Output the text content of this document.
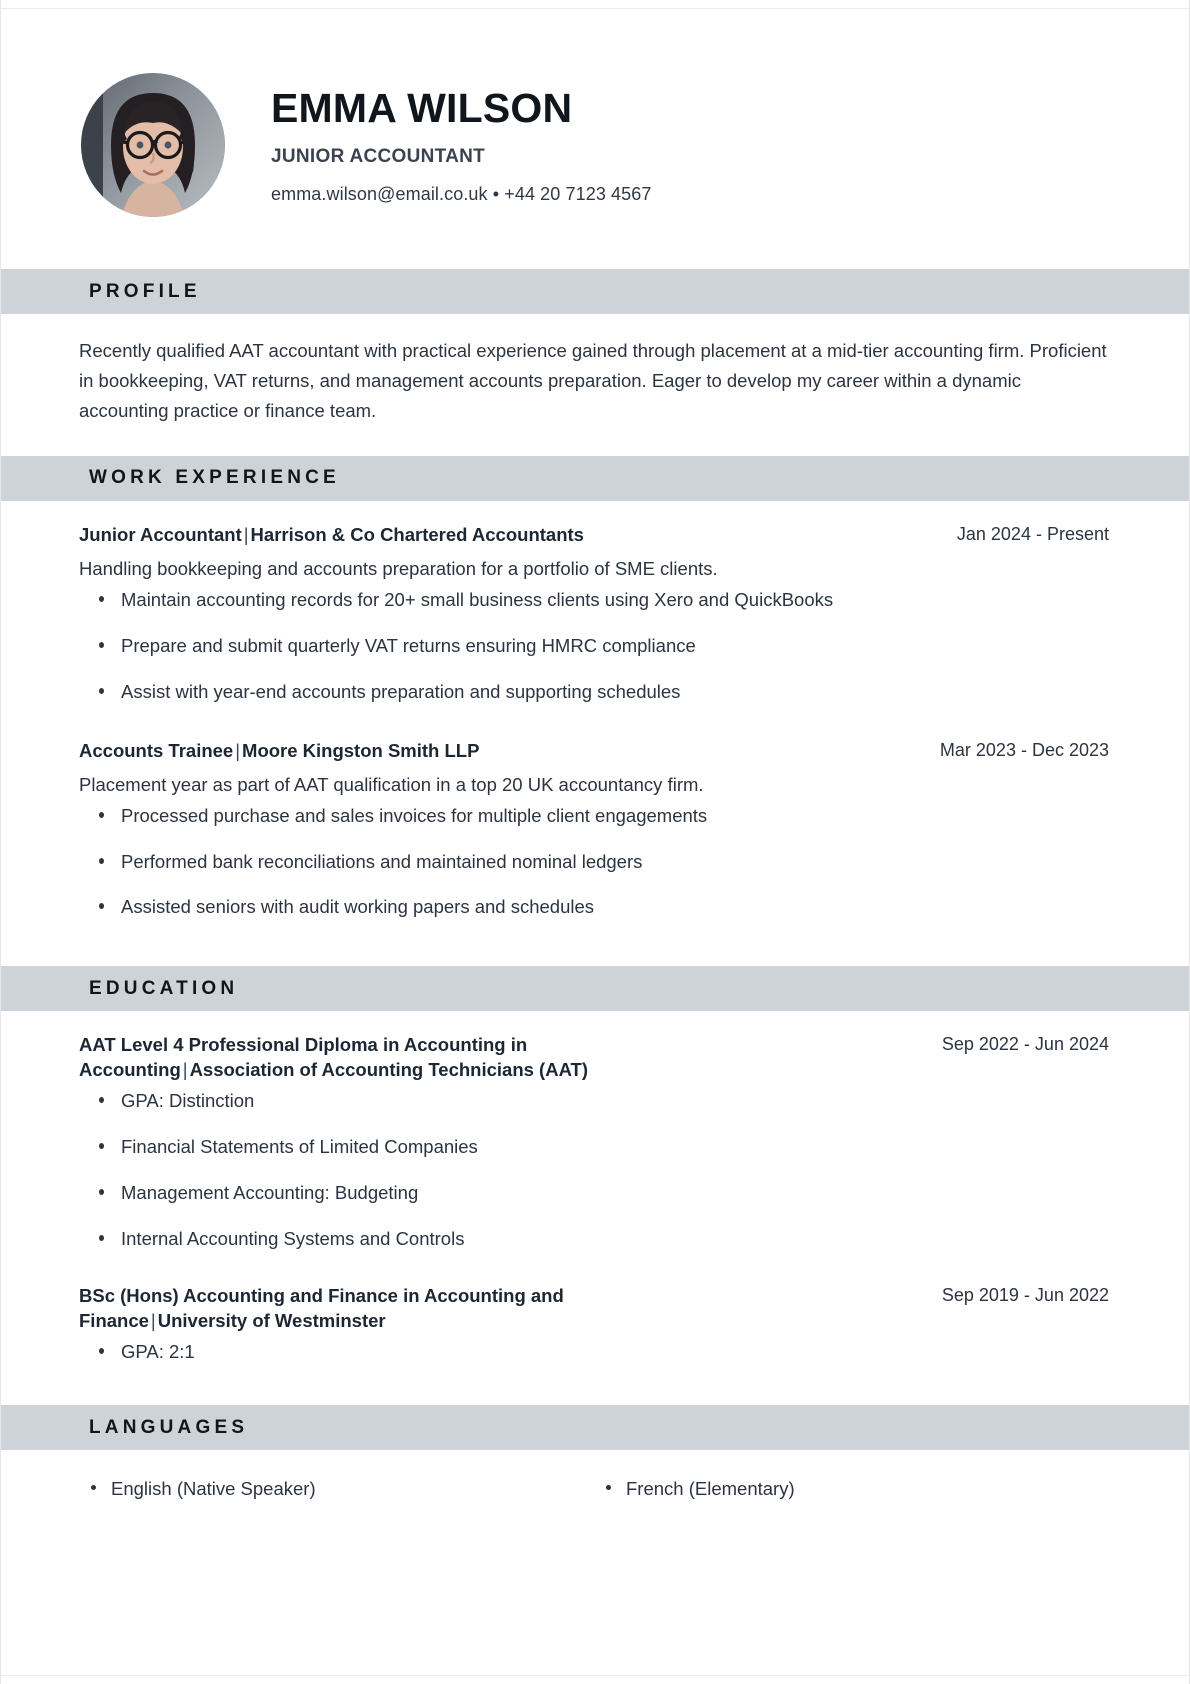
EMMA WILSON
JUNIOR ACCOUNTANT
emma.wilson@email.co.uk • +44 20 7123 4567
PROFILE

Recently qualified AAT accountant with practical experience gained through placement at a mid-tier accounting firm. Proficient in bookkeeping, VAT returns, and management accounts preparation. Eager to develop my career within a dynamic accounting practice or finance team.

WORK EXPERIENCE
Junior Accountant | Harrison & Co Chartered Accountants	Jan 2024 - Present
Handling bookkeeping and accounts preparation for a portfolio of SME clients.
Maintain accounting records for 20+ small business clients using Xero and QuickBooks
Prepare and submit quarterly VAT returns ensuring HMRC compliance
Assist with year-end accounts preparation and supporting schedules
Accounts Trainee | Moore Kingston Smith LLP	Mar 2023 - Dec 2023
Placement year as part of AAT qualification in a top 20 UK accountancy firm.
Processed purchase and sales invoices for multiple client engagements
Performed bank reconciliations and maintained nominal ledgers
Assisted seniors with audit working papers and schedules
EDUCATION
AAT Level 4 Professional Diploma in Accounting in Accounting | Association of Accounting Technicians (AAT)
Sep 2022 - Jun 2024
GPA: Distinction
Financial Statements of Limited Companies
Management Accounting: Budgeting
Internal Accounting Systems and Controls
BSc (Hons) Accounting and Finance in Accounting and Finance | University of Westminster
Sep 2019 - Jun 2022
GPA: 2:1
LANGUAGES
English (Native Speaker)	French (Elementary)
